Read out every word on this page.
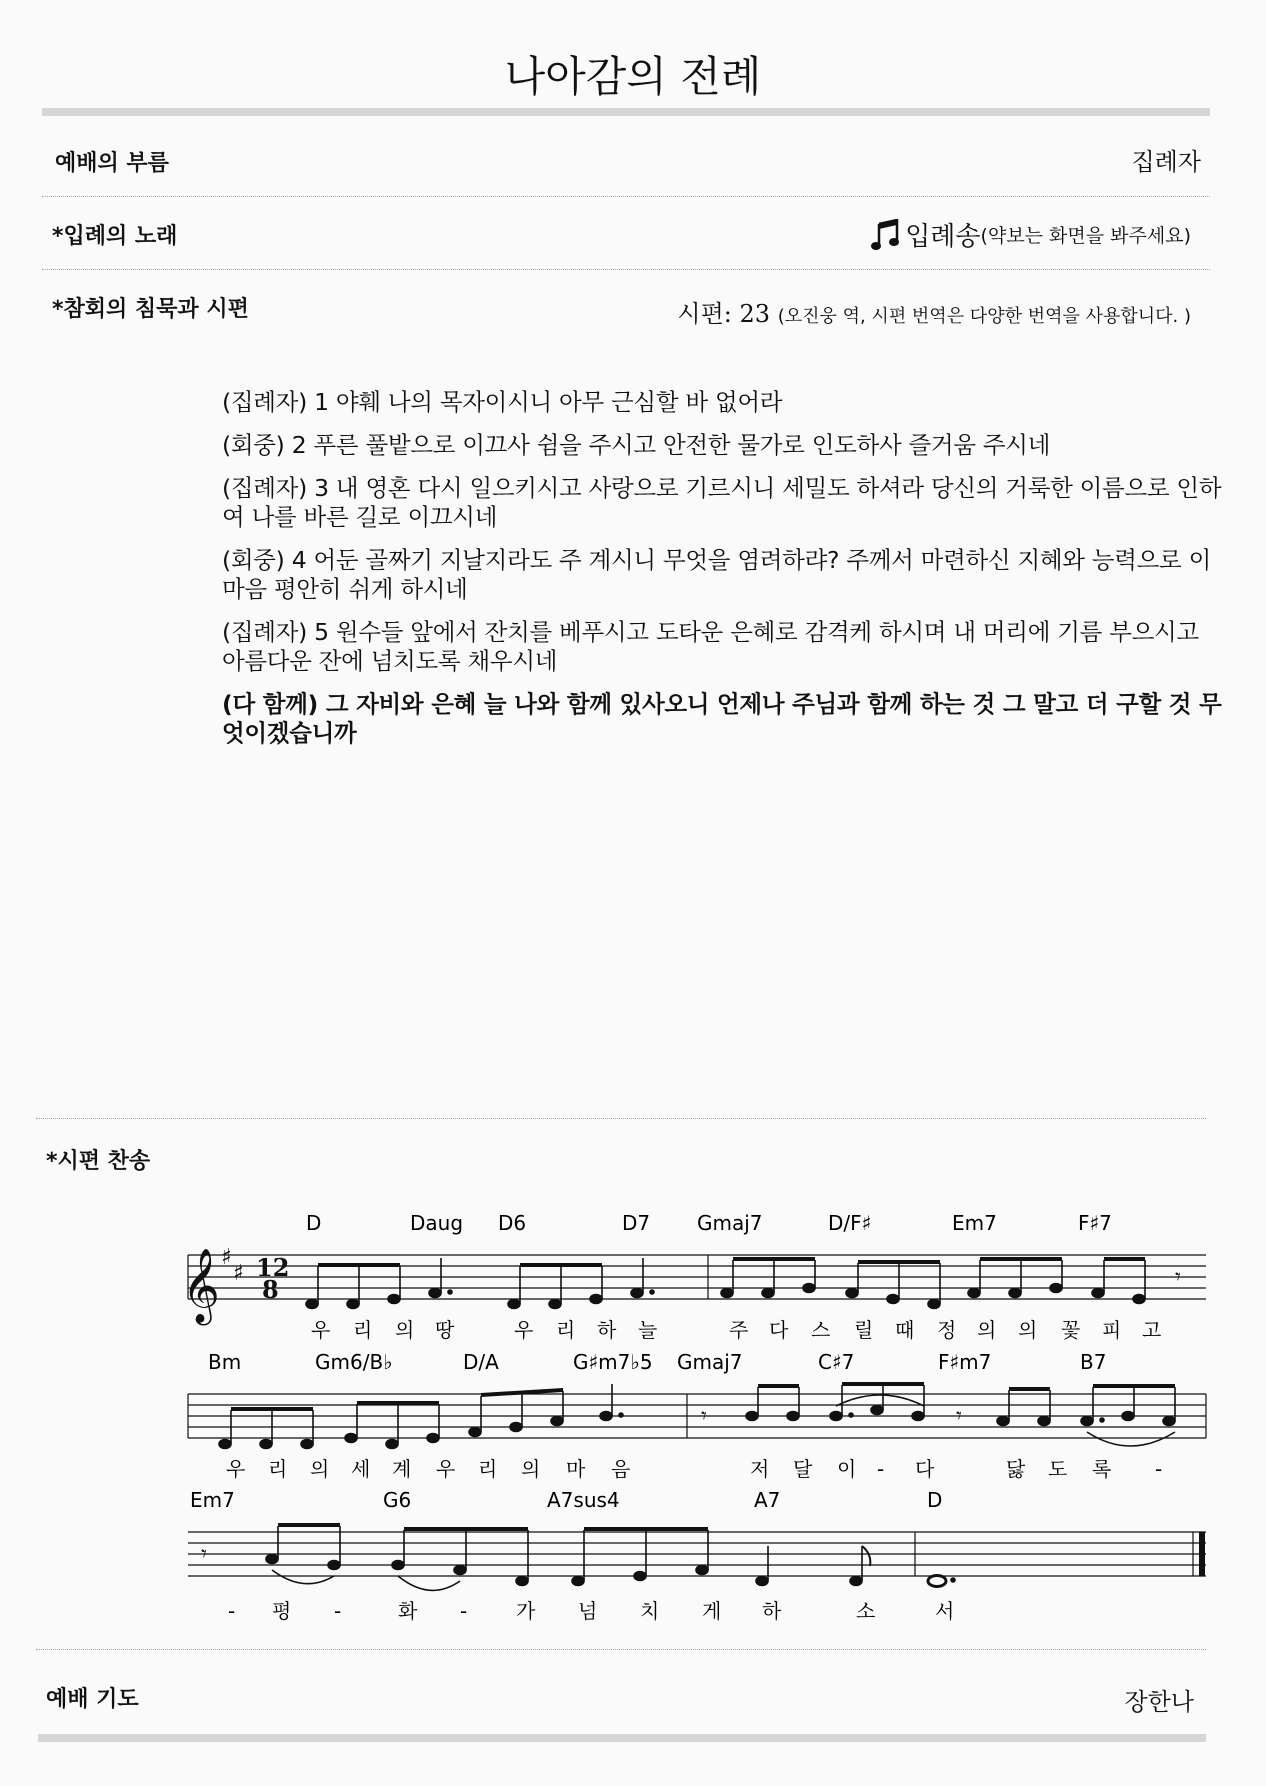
나아감의 전례
예배의 부름	집례자
*입례의 노래	입례송 (약보는 화면을 봐주세요)
*참회의 침묵과 시편	시편: 23 (오진웅 역, 시편 번역은 다양한 번역을 사용합니다. )
(집례자) 1 야훼 나의 목자이시니 아무 근심할 바 없어라
(회중) 2 푸른 풀밭으로 이끄사 쉼을 주시고 안전한 물가로 인도하사 즐거움 주시네
(집례자) 3 내 영혼 다시 일으키시고 사랑으로 기르시니 세밀도 하셔라 당신의 거룩한 이름으로 인하여 나를 바른 길로 이끄시네
(회중) 4 어둔 골짜기 지날지라도 주 계시니 무엇을 염려하랴? 주께서 마련하신 지혜와 능력으로 이 마음 평안히 쉬게 하시네
(집례자) 5 원수들 앞에서 잔치를 베푸시고 도타운 은혜로 감격케 하시며 내 머리에 기름 부으시고 아름다운 잔에 넘치도록 채우시네
(다 함께) 그 자비와 은혜 늘 나와 함께 있사오니 언제나 주님과 함께 하는 것 그 말고 더 구할 것 무엇이겠습니까
*시편 찬송
𝄞 ♯
♯ 12
8	𝄾
𝄾	𝄾
𝄾
D	Daug D6	D7 Gmaj7	D/F♯	Em7	F♯7
Bm	Gm6/B♭	D/A	G♯m7♭5 Gmaj7	C♯7	F♯m7	B7
Em7	G6	A7sus4	A7	D
우 리 의 땅	우 리 하 늘	주 다 스 릴 때 정 의 의 꽃 피 고
우 리 의 세 계 우 리 의 마 음	저 달 이 - 다	닳 도 록 -
- 평 -	화 - 가 넘 치 게 하	소	서
예배 기도	장한나
